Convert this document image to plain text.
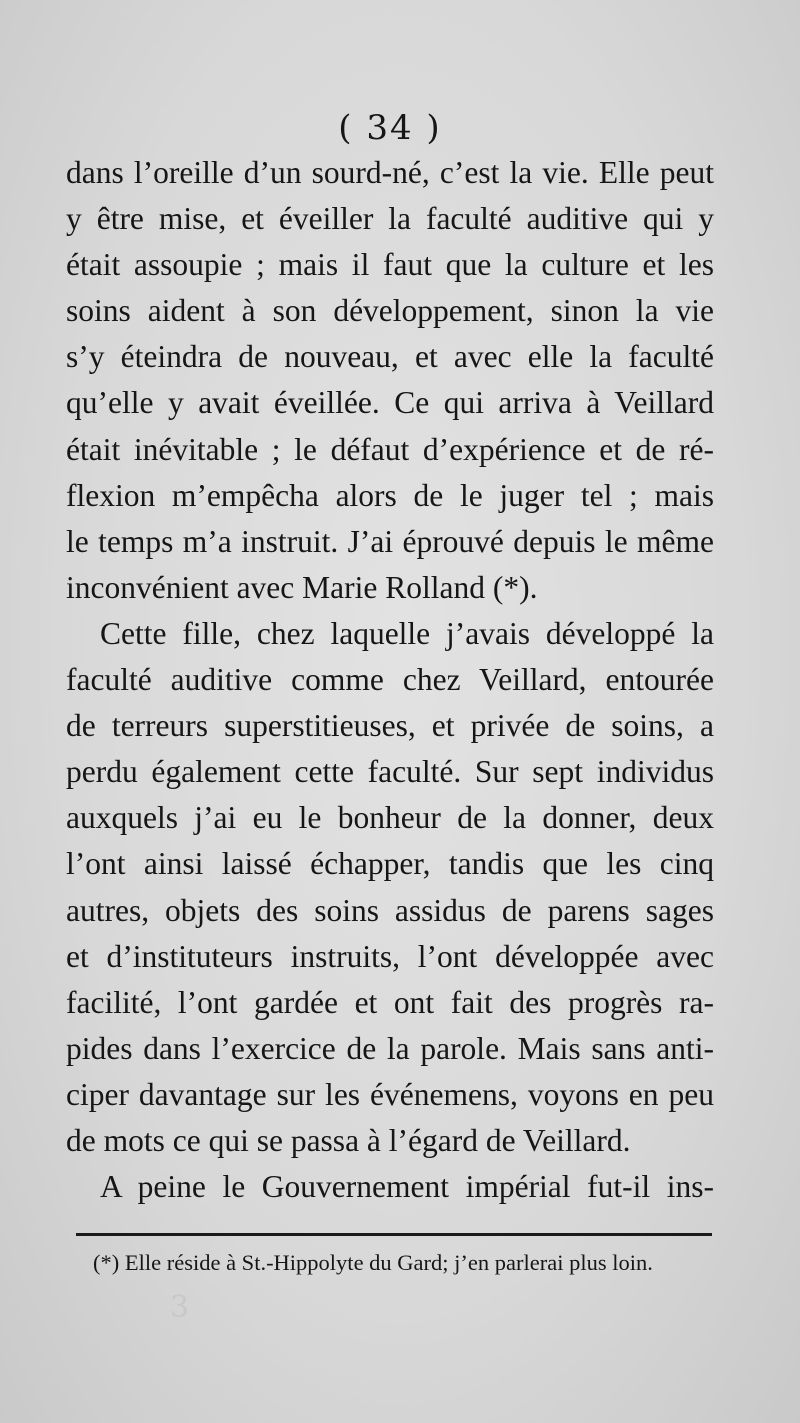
( 34 )
dans l’oreille d’un sourd-né, c’est la vie. Elle peut
y être mise, et éveiller la faculté auditive qui y
était assoupie ; mais il faut que la culture et les
soins aident à son développement, sinon la vie
s’y éteindra de nouveau, et avec elle la faculté
qu’elle y avait éveillée. Ce qui arriva à Veillard
était inévitable ; le défaut d’expérience et de ré-
flexion m’empêcha alors de le juger tel ; mais
le temps m’a instruit. J’ai éprouvé depuis le même
inconvénient avec Marie Rolland (*).
Cette fille, chez laquelle j’avais développé la
faculté auditive comme chez Veillard, entourée
de terreurs superstitieuses, et privée de soins, a
perdu également cette faculté. Sur sept individus
auxquels j’ai eu le bonheur de la donner, deux
l’ont ainsi laissé échapper, tandis que les cinq
autres, objets des soins assidus de parens sages
et d’instituteurs instruits, l’ont développée avec
facilité, l’ont gardée et ont fait des progrès ra-
pides dans l’exercice de la parole. Mais sans anti-
ciper davantage sur les événemens, voyons en peu
de mots ce qui se passa à l’égard de Veillard.
A peine le Gouvernement impérial fut-il ins-
(*) Elle réside à St.-Hippolyte du Gard; j’en parlerai plus loin.
3
